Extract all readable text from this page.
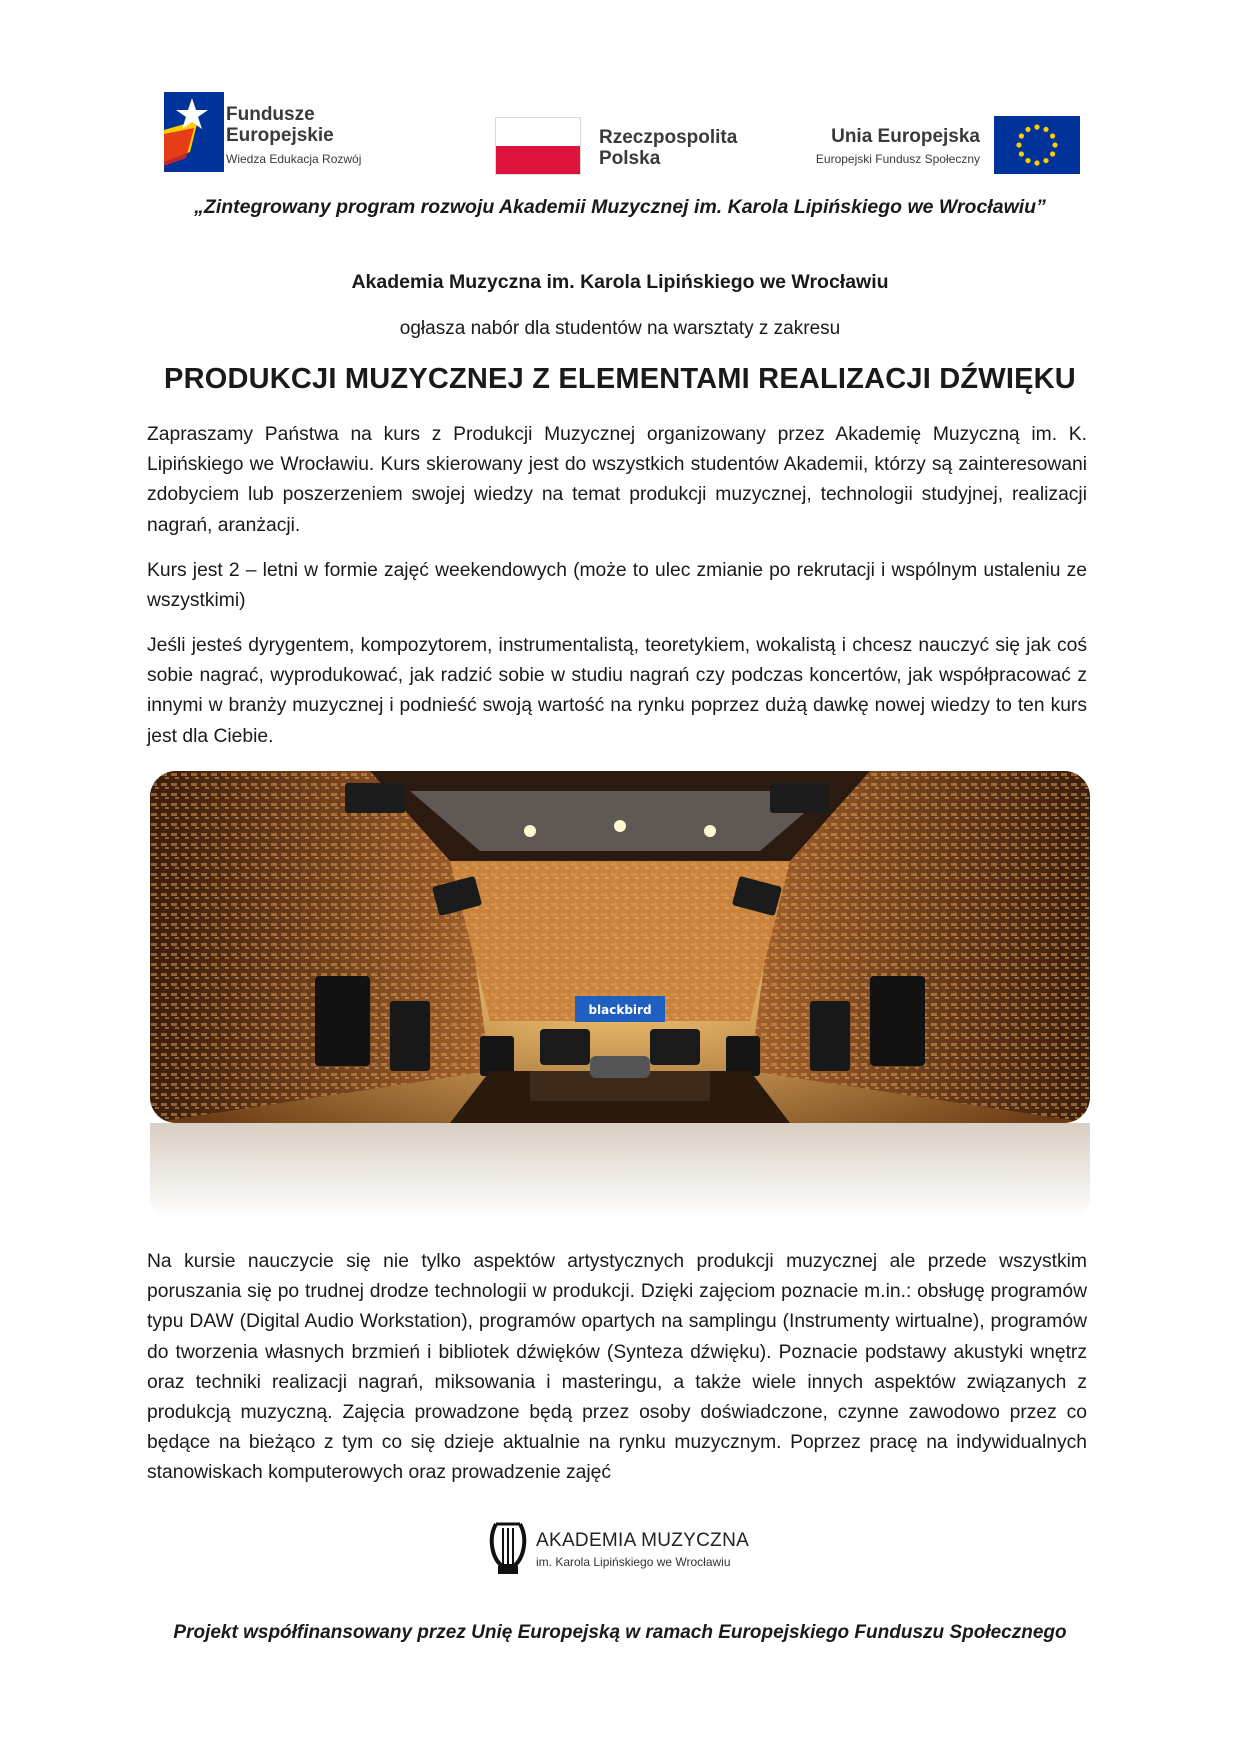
Fundusze
Europejskie
Wiedza Edukacja Rozwój
Rzeczpospolita
Polska
Unia Europejska
Europejski Fundusz Społeczny
„Zintegrowany program rozwoju Akademii Muzycznej im. Karola Lipińskiego we Wrocławiu”
Akademia Muzyczna im. Karola Lipińskiego we Wrocławiu
ogłasza nabór dla studentów na warsztaty z zakresu
PRODUKCJI MUZYCZNEJ Z ELEMENTAMI REALIZACJI DŹWIĘKU

Zapraszamy Państwa na kurs z Produkcji Muzycznej organizowany przez Akademię Muzyczną im. K. Lipińskiego we Wrocławiu. Kurs skierowany jest do wszystkich studentów Akademii, którzy są zainteresowani zdobyciem lub poszerzeniem swojej wiedzy na temat produkcji muzycznej, technologii studyjnej, realizacji nagrań, aranżacji.

Kurs jest 2 – letni w formie zajęć weekendowych (może to ulec zmianie po rekrutacji i wspólnym ustaleniu ze wszystkimi)

Jeśli jesteś dyrygentem, kompozytorem, instrumentalistą, teoretykiem, wokalistą i chcesz nauczyć się jak coś sobie nagrać, wyprodukować, jak radzić sobie w studiu nagrań czy podczas koncertów, jak współpracować z innymi w branży muzycznej i podnieść swoją wartość na rynku poprzez dużą dawkę nowej wiedzy to ten kurs jest dla Ciebie.

blackbird

Na kursie nauczycie się nie tylko aspektów artystycznych produkcji muzycznej ale przede wszystkim poruszania się po trudnej drodze technologii w produkcji. Dzięki zajęciom poznacie m.in.: obsługę programów typu DAW (Digital Audio Workstation), programów opartych na samplingu (Instrumenty wirtualne), programów do tworzenia własnych brzmień i bibliotek dźwięków (Synteza dźwięku). Poznacie podstawy akustyki wnętrz oraz techniki realizacji nagrań, miksowania i masteringu, a także wiele innych aspektów związanych z produkcją muzyczną. Zajęcia prowadzone będą przez osoby doświadczone, czynne zawodowo przez co będące na bieżąco z tym co się dzieje aktualnie na rynku muzycznym. Poprzez pracę na indywidualnych stanowiskach komputerowych oraz prowadzenie zajęć

AKADEMIA MUZYCZNA
im. Karola Lipińskiego we Wrocławiu
Projekt współfinansowany przez Unię Europejską w ramach Europejskiego Funduszu Społecznego
